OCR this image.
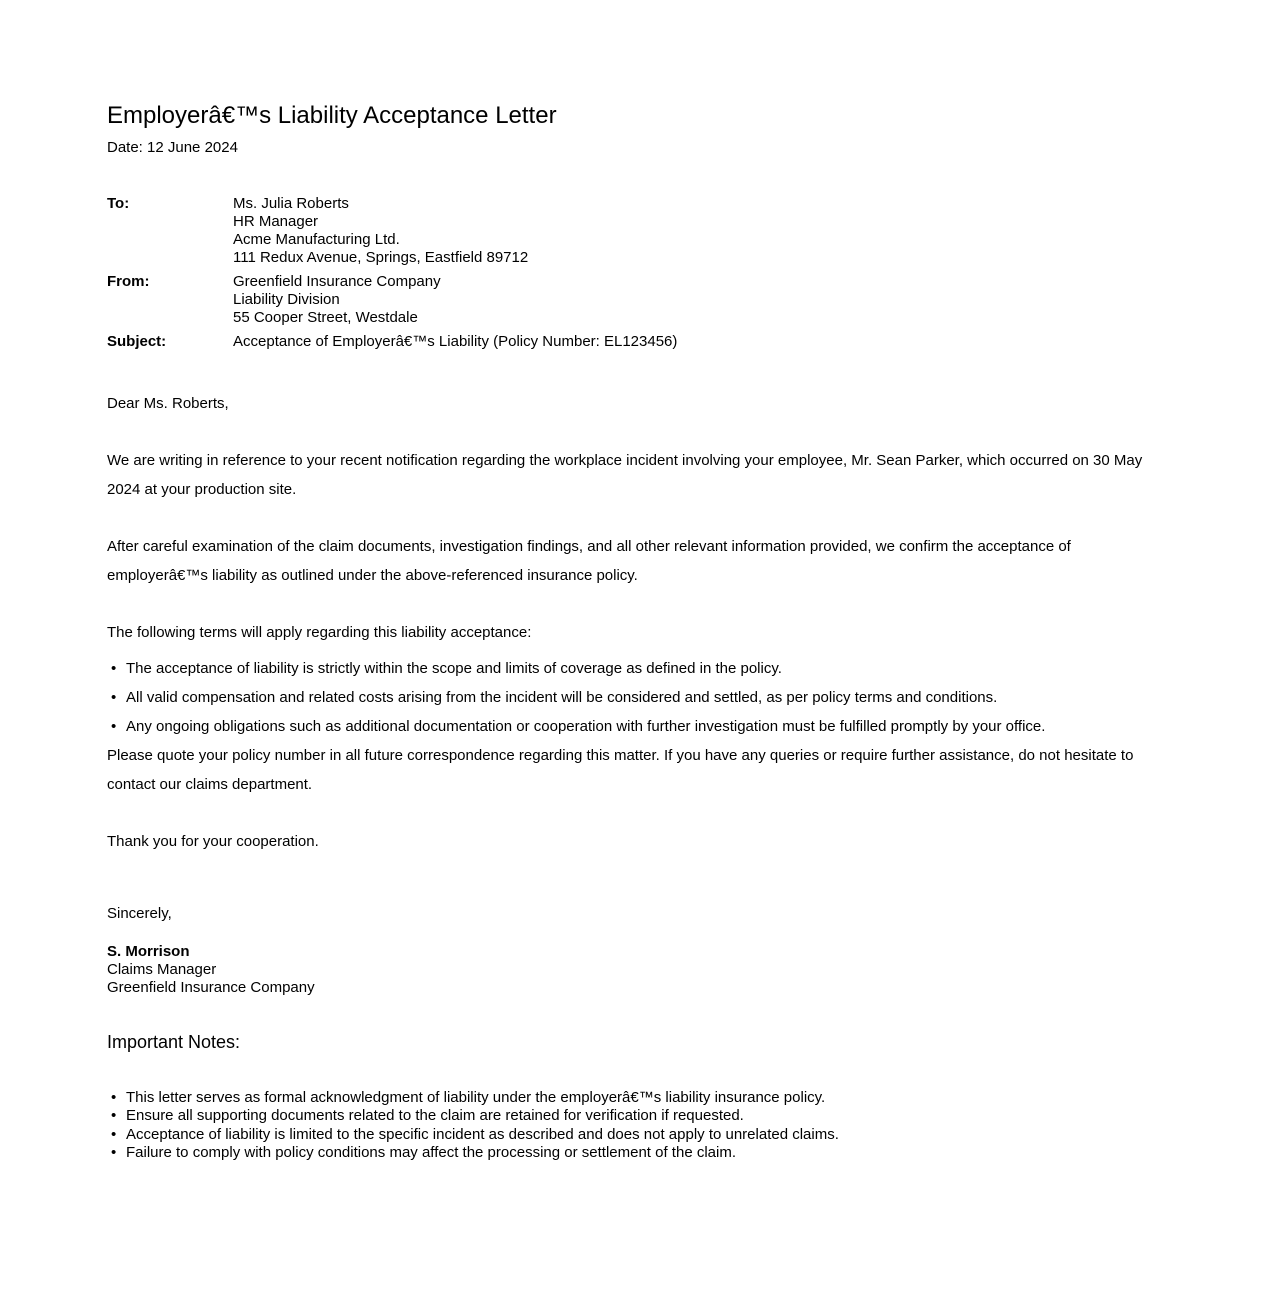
Employerâ€™s Liability Acceptance Letter
Date: 12 June 2024
To:	Ms. Julia Roberts
HR Manager
Acme Manufacturing Ltd.
111 Redux Avenue, Springs, Eastfield 89712
From:	Greenfield Insurance Company
Liability Division
55 Cooper Street, Westdale
Subject:	Acceptance of Employerâ€™s Liability (Policy Number: EL123456)

Dear Ms. Roberts,

We are writing in reference to your recent notification regarding the workplace incident involving your employee, Mr. Sean Parker, which occurred on 30 May 2024 at your production site.

After careful examination of the claim documents, investigation findings, and all other relevant information provided, we confirm the acceptance of employerâ€™s liability as outlined under the above-referenced insurance policy.

The following terms will apply regarding this liability acceptance:

• The acceptance of liability is strictly within the scope and limits of coverage as defined in the policy.
• All valid compensation and related costs arising from the incident will be considered and settled, as per policy terms and conditions.
• Any ongoing obligations such as additional documentation or cooperation with further investigation must be fulfilled promptly by your office.

Please quote your policy number in all future correspondence regarding this matter. If you have any queries or require further assistance, do not hesitate to contact our claims department.

Thank you for your cooperation.

Sincerely,

S. Morrison
Claims Manager
Greenfield Insurance Company
Important Notes:
• This letter serves as formal acknowledgment of liability under the employerâ€™s liability insurance policy.
• Ensure all supporting documents related to the claim are retained for verification if requested.
• Acceptance of liability is limited to the specific incident as described and does not apply to unrelated claims.
• Failure to comply with policy conditions may affect the processing or settlement of the claim.
